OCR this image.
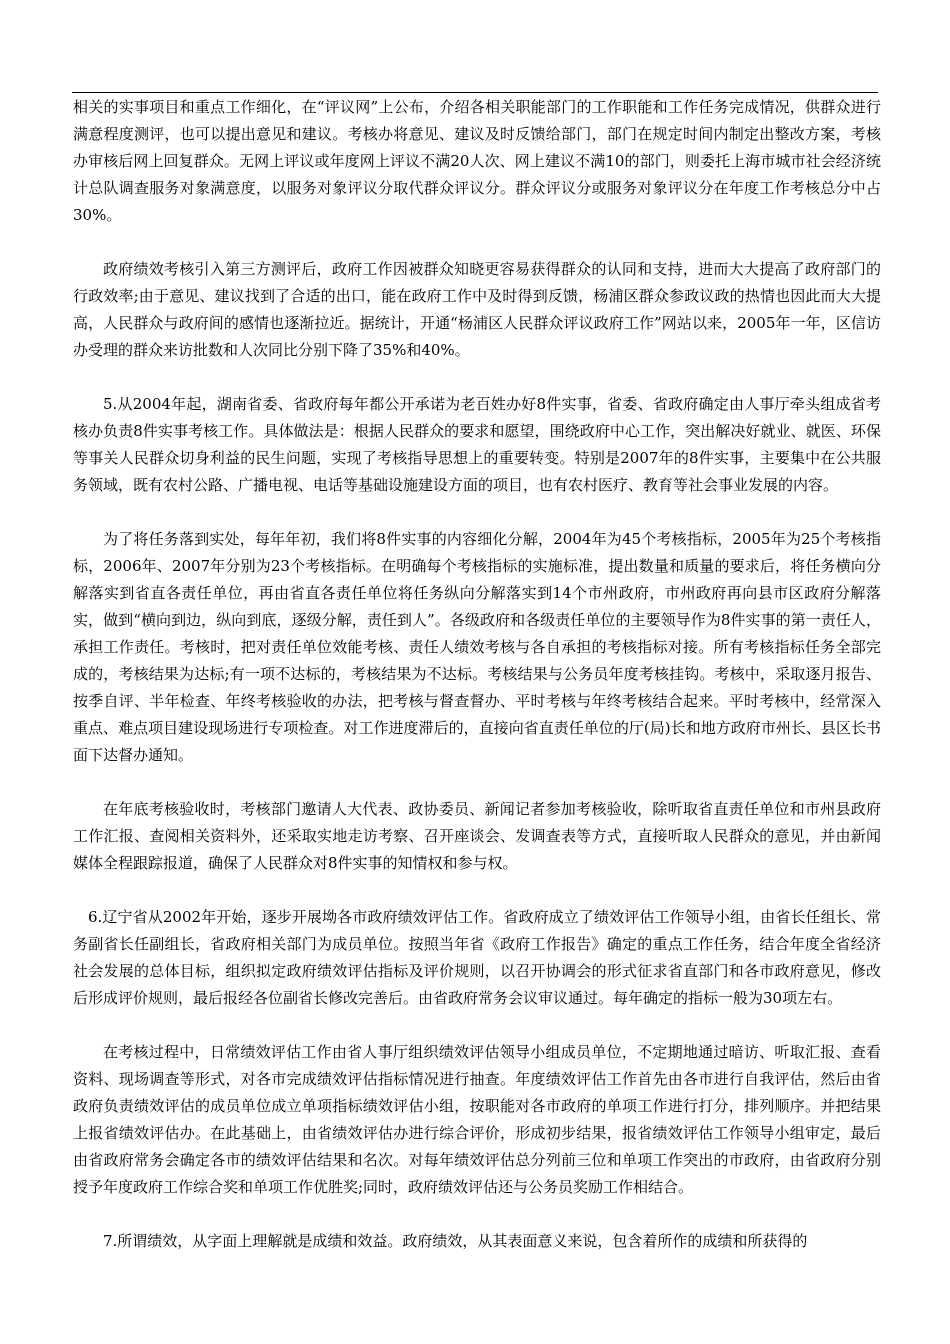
相关的实事项目和重点工作细化，在“评议网”上公布，介绍各相关职能部门的工作职能和工作任务完成情况，供群众进行满意程度测评，也可以提出意见和建议。考核办将意见、建议及时反馈给部门，部门在规定时间内制定出整改方案，考核办审核后网上回复群众。无网上评议或年度网上评议不满20人次、网上建议不满10的部门，则委托上海市城市社会经济统计总队调查服务对象满意度，以服务对象评议分取代群众评议分。群众评议分或服务对象评议分在年度工作考核总分中占30%。

政府绩效考核引入第三方测评后，政府工作因被群众知晓更容易获得群众的认同和支持，进而大大提高了政府部门的行政效率;由于意见、建议找到了合适的出口，能在政府工作中及时得到反馈，杨浦区群众参政议政的热情也因此而大大提高，人民群众与政府间的感情也逐渐拉近。据统计，开通“杨浦区人民群众评议政府工作”网站以来，2005年一年，区信访办受理的群众来访批数和人次同比分别下降了35%和40%。

5.从2004年起，湖南省委、省政府每年都公开承诺为老百姓办好8件实事，省委、省政府确定由人事厅牵头组成省考核办负责8件实事考核工作。具体做法是：根据人民群众的要求和愿望，围绕政府中心工作，突出解决好就业、就医、环保等事关人民群众切身利益的民生问题，实现了考核指导思想上的重要转变。特别是2007年的8件实事，主要集中在公共服务领域，既有农村公路、广播电视、电话等基础设施建设方面的项目，也有农村医疗、教育等社会事业发展的内容。

为了将任务落到实处，每年年初，我们将8件实事的内容细化分解，2004年为45个考核指标，2005年为25个考核指标，2006年、2007年分别为23个考核指标。在明确每个考核指标的实施标准，提出数量和质量的要求后，将任务横向分解落实到省直各责任单位，再由省直各责任单位将任务纵向分解落实到14个市州政府，市州政府再向县市区政府分解落实，做到“横向到边，纵向到底，逐级分解，责任到人”。各级政府和各级责任单位的主要领导作为8件实事的第一责任人，承担工作责任。考核时，把对责任单位效能考核、责任人绩效考核与各自承担的考核指标对接。所有考核指标任务全部完成的，考核结果为达标;有一项不达标的，考核结果为不达标。考核结果与公务员年度考核挂钩。考核中，采取逐月报告、按季自评、半年检查、年终考核验收的办法，把考核与督查督办、平时考核与年终考核结合起来。平时考核中，经常深入重点、难点项目建设现场进行专项检查。对工作进度滞后的，直接向省直责任单位的厅(局)长和地方政府市州长、县区长书面下达督办通知。

在年底考核验收时，考核部门邀请人大代表、政协委员、新闻记者参加考核验收，除听取省直责任单位和市州县政府工作汇报、查阅相关资料外，还采取实地走访考察、召开座谈会、发调查表等方式，直接听取人民群众的意见，并由新闻媒体全程跟踪报道，确保了人民群众对8件实事的知情权和参与权。

6.辽宁省从2002年开始，逐步开展坳各市政府绩效评估工作。省政府成立了绩效评估工作领导小组，由省长任组长、常务副省长任副组长，省政府相关部门为成员单位。按照当年省《政府工作报告》确定的重点工作任务，结合年度全省经济社会发展的总体目标，组织拟定政府绩效评估指标及评价规则，以召开协调会的形式征求省直部门和各市政府意见，修改后形成评价规则，最后报经各位副省长修改完善后。由省政府常务会议审议通过。每年确定的指标一般为30项左右。

在考核过程中，日常绩效评估工作由省人事厅组织绩效评估领导小组成员单位，不定期地通过暗访、听取汇报、查看资料、现场调查等形式，对各市完成绩效评估指标情况进行抽查。年度绩效评估工作首先由各市进行自我评估，然后由省政府负责绩效评估的成员单位成立单项指标绩效评估小组，按职能对各市政府的单项工作进行打分，排列顺序。并把结果上报省绩效评估办。在此基础上，由省绩效评估办进行综合评价，形成初步结果，报省绩效评估工作领导小组审定，最后由省政府常务会确定各市的绩效评估结果和名次。对每年绩效评估总分列前三位和单项工作突出的市政府，由省政府分别授予年度政府工作综合奖和单项工作优胜奖;同时，政府绩效评估还与公务员奖励工作相结合。

7.所谓绩效，从字面上理解就是成绩和效益。政府绩效，从其表面意义来说，包含着所作的成绩和所获得的
